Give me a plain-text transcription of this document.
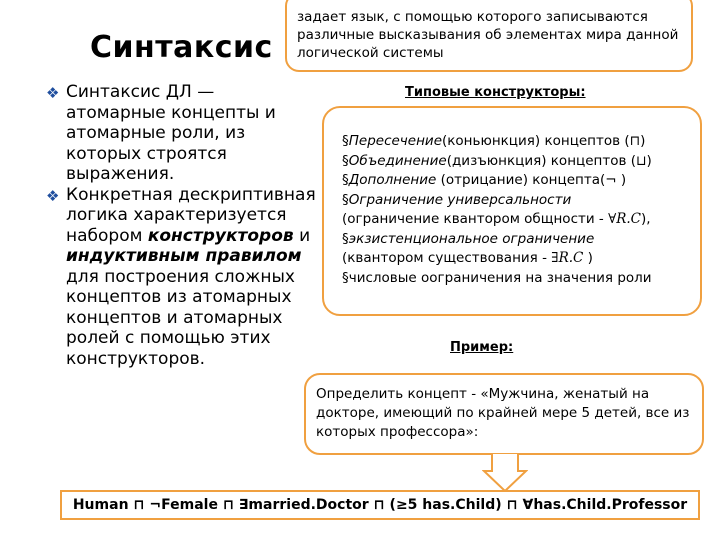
Синтаксис
задает язык, с помощью которого записываются различные высказывания об элементах мира данной логической системы
❖ Синтаксис ДЛ — атомарные концепты и атомарные роли, из которых строятся выражения.
❖ Конкретная дескриптивная логика характеризуется набором конструкторов и индуктивным правилом для построения сложных концептов из атомарных концептов и атомарных ролей с помощью этих конструкторов.
Типовые конструкторы:
§Пересечение(коньюнкция) концептов (⊓)
§Объединение(дизъюнкция) концептов (⊔)
§Дополнение (отрицание) концепта(¬ )
§Ограничение универсальности
(ограничение квантором общности - ∀R.C),
§экзистенциональное ограничение
(квантором существования - ∃R.C )
§числовые оограничения на значения роли
Пример:
Определить концепт - «Мужчина, женатый на докторе, имеющий по крайней мере 5 детей, все из которых профессора»:
Human ⊓ ¬Female ⊓ ∃married.Doctor ⊓ (≥5 has.Child) ⊓ ∀has.Child.Professor
